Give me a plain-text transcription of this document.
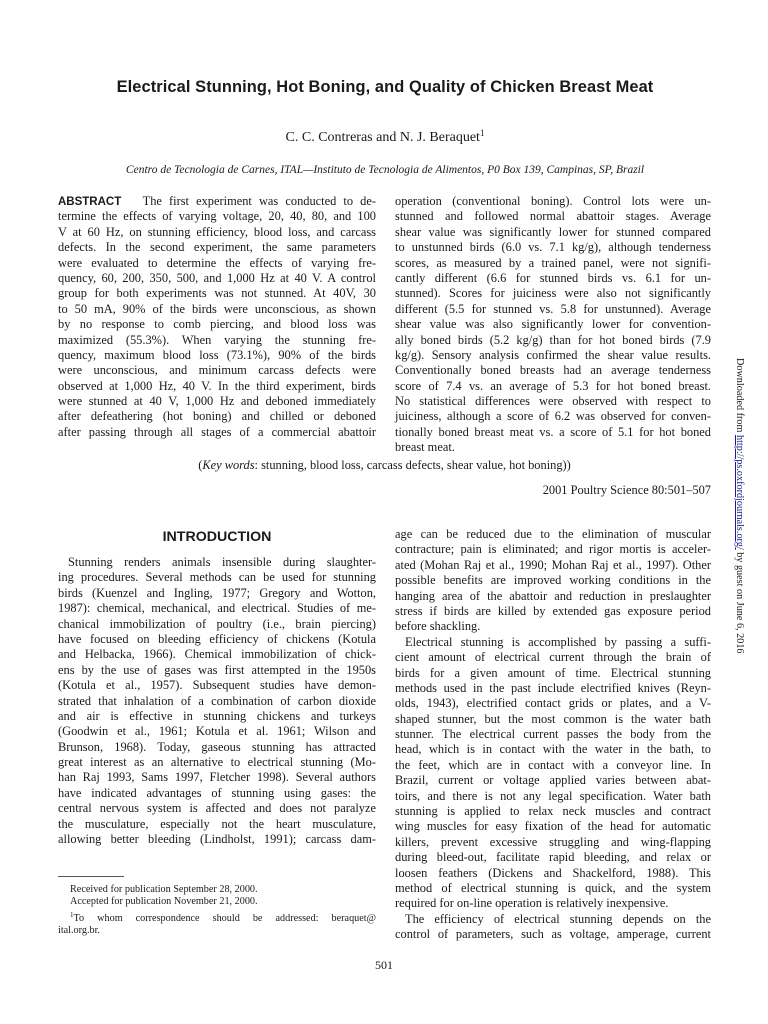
Electrical Stunning, Hot Boning, and Quality of Chicken Breast Meat
C. C. Contreras and N. J. Beraquet$^1$
Centro de Tecnologia de Carnes, ITAL—Instituto de Tecnologia de Alimentos, P0 Box 139, Campinas, SP, Brazil
ABSTRACT The first experiment was conducted to de-
termine the effects of varying voltage, 20, 40, 80, and 100
V at 60 Hz, on stunning efficiency, blood loss, and carcass
defects. In the second experiment, the same parameters
were evaluated to determine the effects of varying fre-
quency, 60, 200, 350, 500, and 1,000 Hz at 40 V. A control
group for both experiments was not stunned. At 40V, 30
to 50 mA, 90% of the birds were unconscious, as shown
by no response to comb piercing, and blood loss was
maximized (55.3%). When varying the stunning fre-
quency, maximum blood loss (73.1%), 90% of the birds
were unconscious, and minimum carcass defects were
observed at 1,000 Hz, 40 V. In the third experiment, birds
were stunned at 40 V, 1,000 Hz and deboned immediately
after defeathering (hot boning) and chilled or deboned
after passing through all stages of a commercial abattoir
operation (conventional boning). Control lots were un-
stunned and followed normal abattoir stages. Average
shear value was significantly lower for stunned compared
to unstunned birds (6.0 vs. 7.1 kg/g), although tenderness
scores, as measured by a trained panel, were not signifi-
cantly different (6.6 for stunned birds vs. 6.1 for un-
stunned). Scores for juiciness were also not significantly
different (5.5 for stunned vs. 5.8 for unstunned). Average
shear value was also significantly lower for convention-
ally boned birds (5.2 kg/g) than for hot boned birds (7.9
kg/g). Sensory analysis confirmed the shear value results.
Conventionally boned breasts had an average tenderness
score of 7.4 vs. an average of 5.3 for hot boned breast.
No statistical differences were observed with respect to
juiciness, although a score of 6.2 was observed for conven-
tionally boned breast meat vs. a score of 5.1 for hot boned
breast meat.
(Key words: stunning, blood loss, carcass defects, shear value, hot boning))
2001 Poultry Science 80:501–507
INTRODUCTION
Stunning renders animals insensible during slaughter-
ing procedures. Several methods can be used for stunning
birds (Kuenzel and Ingling, 1977; Gregory and Wotton,
1987): chemical, mechanical, and electrical. Studies of me-
chanical immobilization of poultry (i.e., brain piercing)
have focused on bleeding efficiency of chickens (Kotula
and Helbacka, 1966). Chemical immobilization of chick-
ens by the use of gases was first attempted in the 1950s
(Kotula et al., 1957). Subsequent studies have demon-
strated that inhalation of a combination of carbon dioxide
and air is effective in stunning chickens and turkeys
(Goodwin et al., 1961; Kotula et al. 1961; Wilson and
Brunson, 1968). Today, gaseous stunning has attracted
great interest as an alternative to electrical stunning (Mo-
han Raj 1993, Sams 1997, Fletcher 1998). Several authors
have indicated advantages of stunning using gases: the
central nervous system is affected and does not paralyze
the musculature, especially not the heart musculature,
allowing better bleeding (Lindholst, 1991); carcass dam-
age can be reduced due to the elimination of muscular
contracture; pain is eliminated; and rigor mortis is acceler-
ated (Mohan Raj et al., 1990; Mohan Raj et al., 1997). Other
possible benefits are improved working conditions in the
hanging area of the abattoir and reduction in preslaughter
stress if birds are killed by extended gas exposure period
before shackling.
Electrical stunning is accomplished by passing a suffi-
cient amount of electrical current through the brain of
birds for a given amount of time. Electrical stunning
methods used in the past include electrified knives (Reyn-
olds, 1943), electrified contact grids or plates, and a V-
shaped stunner, but the most common is the water bath
stunner. The electrical current passes the body from the
head, which is in contact with the water in the bath, to
the feet, which are in contact with a conveyor line. In
Brazil, current or voltage applied varies between abat-
toirs, and there is not any legal specification. Water bath
stunning is applied to relax neck muscles and contract
wing muscles for easy fixation of the head for automatic
killers, prevent excessive struggling and wing-flapping
during bleed-out, facilitate rapid bleeding, and relax or
loosen feathers (Dickens and Shackelford, 1988). This
method of electrical stunning is quick, and the system
required for on-line operation is relatively inexpensive.
The efficiency of electrical stunning depends on the
control of parameters, such as voltage, amperage, current
Received for publication September 28, 2000.
Accepted for publication November 21, 2000.
$^1$To whom correspondence should be addressed: beraquet@
ital.org.br.
501
Downloaded from http://ps.oxfordjournals.org/ by guest on June 6, 2016
